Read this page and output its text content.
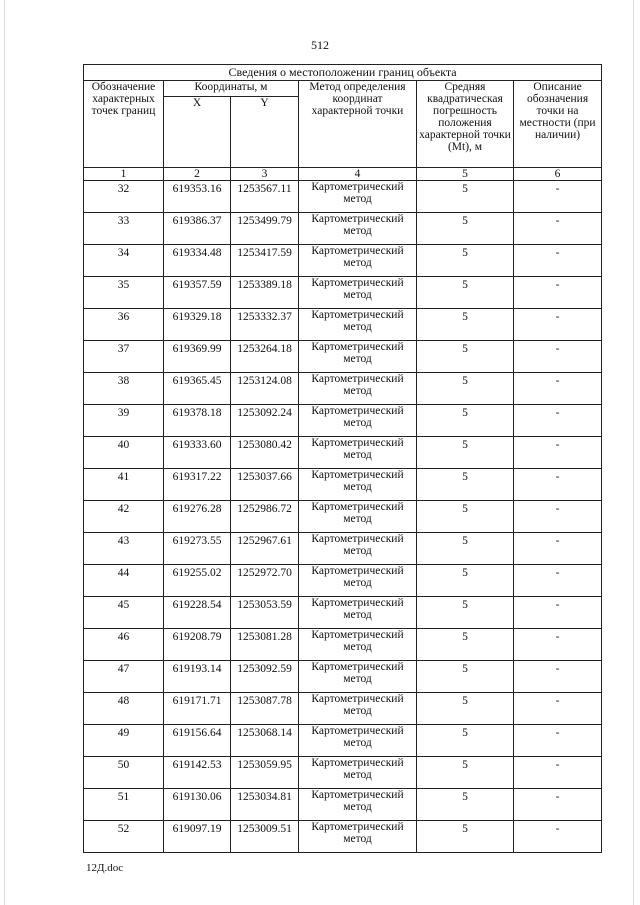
512
Сведения о местоположении границ объекта					
Обозначение характерных точек границ	Координаты, м		Метод определения координат характерной точки	Средняя квадратическая погрешность положения характерной точки (Mt), м	Описание обозначения точки на местности (при наличии)
	X	Y			
1	2	3	4	5	6
32	619353.16	1253567.11	Картометрический метод	5	-
33	619386.37	1253499.79	Картометрический метод	5	-
34	619334.48	1253417.59	Картометрический метод	5	-
35	619357.59	1253389.18	Картометрический метод	5	-
36	619329.18	1253332.37	Картометрический метод	5	-
37	619369.99	1253264.18	Картометрический метод	5	-
38	619365.45	1253124.08	Картометрический метод	5	-
39	619378.18	1253092.24	Картометрический метод	5	-
40	619333.60	1253080.42	Картометрический метод	5	-
41	619317.22	1253037.66	Картометрический метод	5	-
42	619276.28	1252986.72	Картометрический метод	5	-
43	619273.55	1252967.61	Картометрический метод	5	-
44	619255.02	1252972.70	Картометрический метод	5	-
45	619228.54	1253053.59	Картометрический метод	5	-
46	619208.79	1253081.28	Картометрический метод	5	-
47	619193.14	1253092.59	Картометрический метод	5	-
48	619171.71	1253087.78	Картометрический метод	5	-
49	619156.64	1253068.14	Картометрический метод	5	-
50	619142.53	1253059.95	Картометрический метод	5	-
51	619130.06	1253034.81	Картометрический метод	5	-
52	619097.19	1253009.51	Картометрический метод	5	-
12Д.doc
